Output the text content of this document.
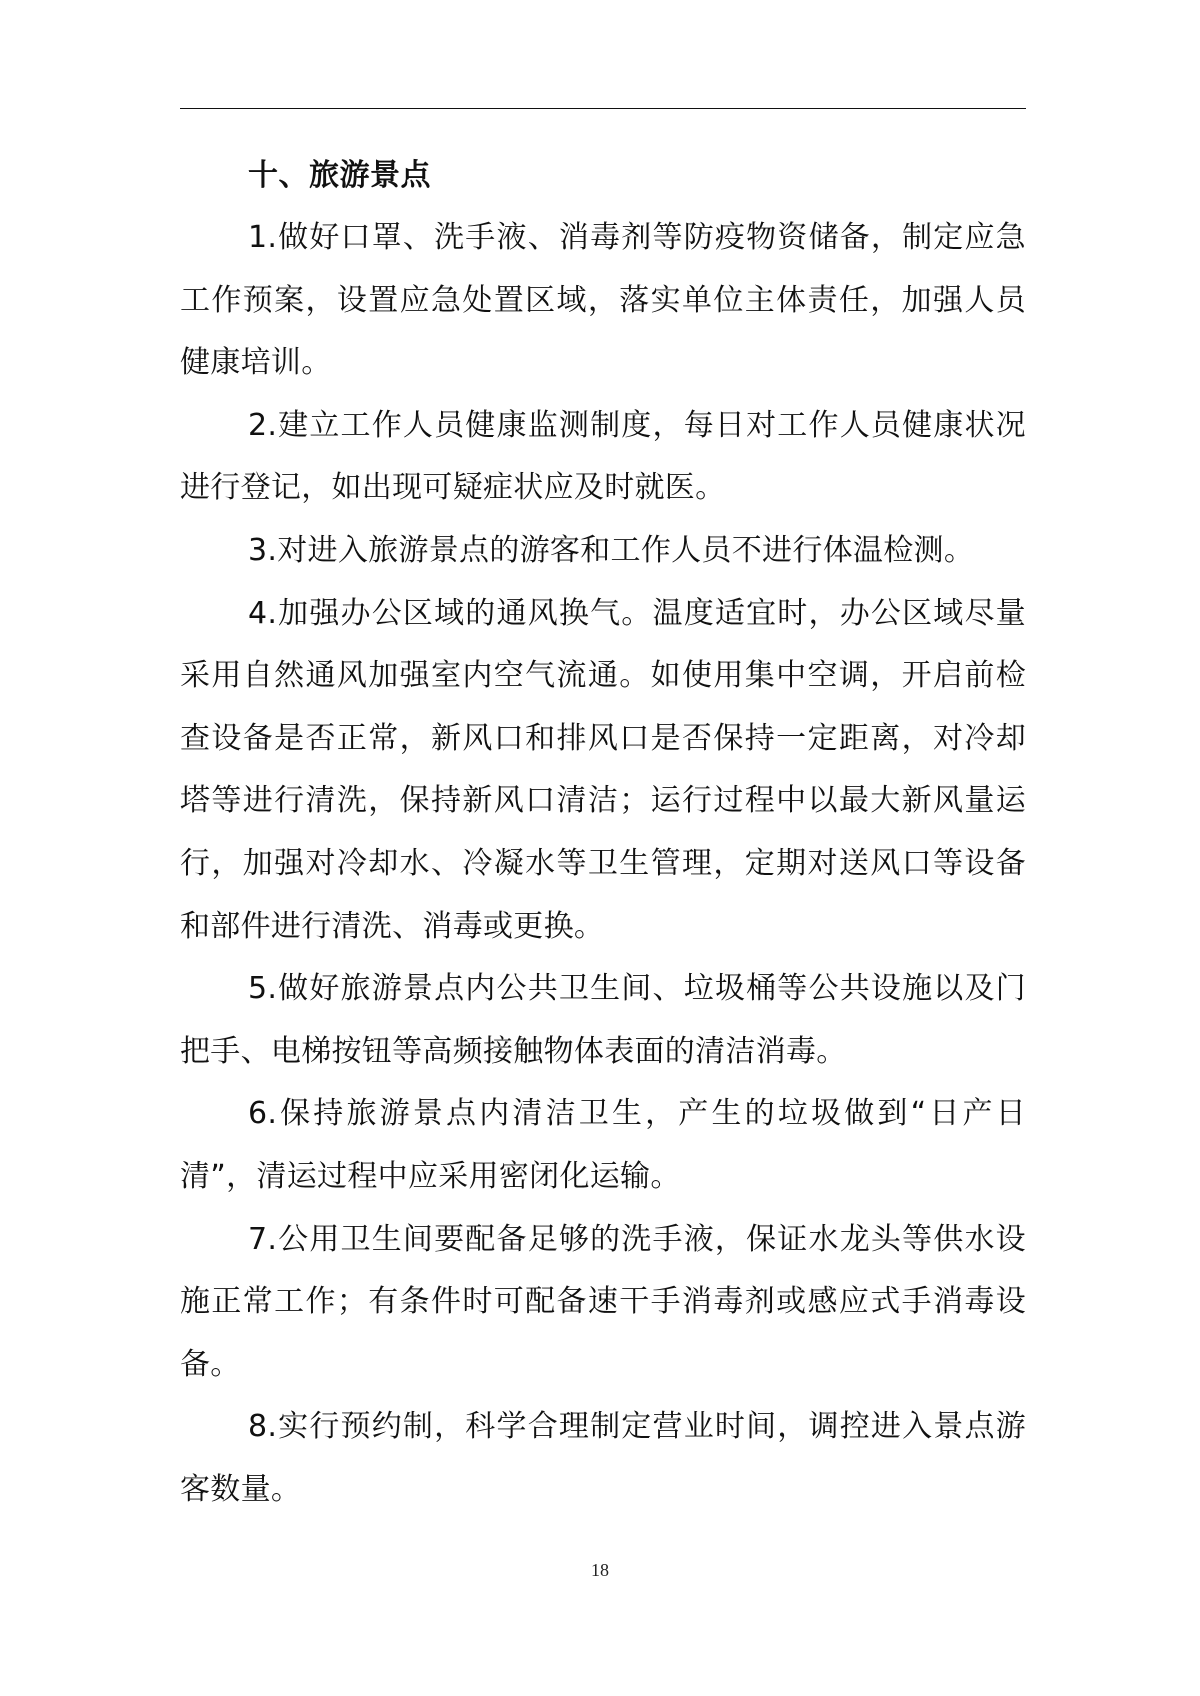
十、旅游景点

1.做好口罩、洗手液、消毒剂等防疫物资储备，制定应急工作预案，设置应急处置区域，落实单位主体责任，加强人员健康培训。

2.建立工作人员健康监测制度，每日对工作人员健康状况进行登记，如出现可疑症状应及时就医。

3.对进入旅游景点的游客和工作人员不进行体温检测。

4.加强办公区域的通风换气。温度适宜时，办公区域尽量采用自然通风加强室内空气流通。如使用集中空调，开启前检查设备是否正常，新风口和排风口是否保持一定距离，对冷却塔等进行清洗，保持新风口清洁；运行过程中以最大新风量运行，加强对冷却水、冷凝水等卫生管理，定期对送风口等设备和部件进行清洗、消毒或更换。

5.做好旅游景点内公共卫生间、垃圾桶等公共设施以及门把手、电梯按钮等高频接触物体表面的清洁消毒。

6.保持旅游景点内清洁卫生，产生的垃圾做到“日产日清”，清运过程中应采用密闭化运输。

7.公用卫生间要配备足够的洗手液，保证水龙头等供水设施正常工作；有条件时可配备速干手消毒剂或感应式手消毒设备。

8.实行预约制，科学合理制定营业时间，调控进入景点游客数量。

18
